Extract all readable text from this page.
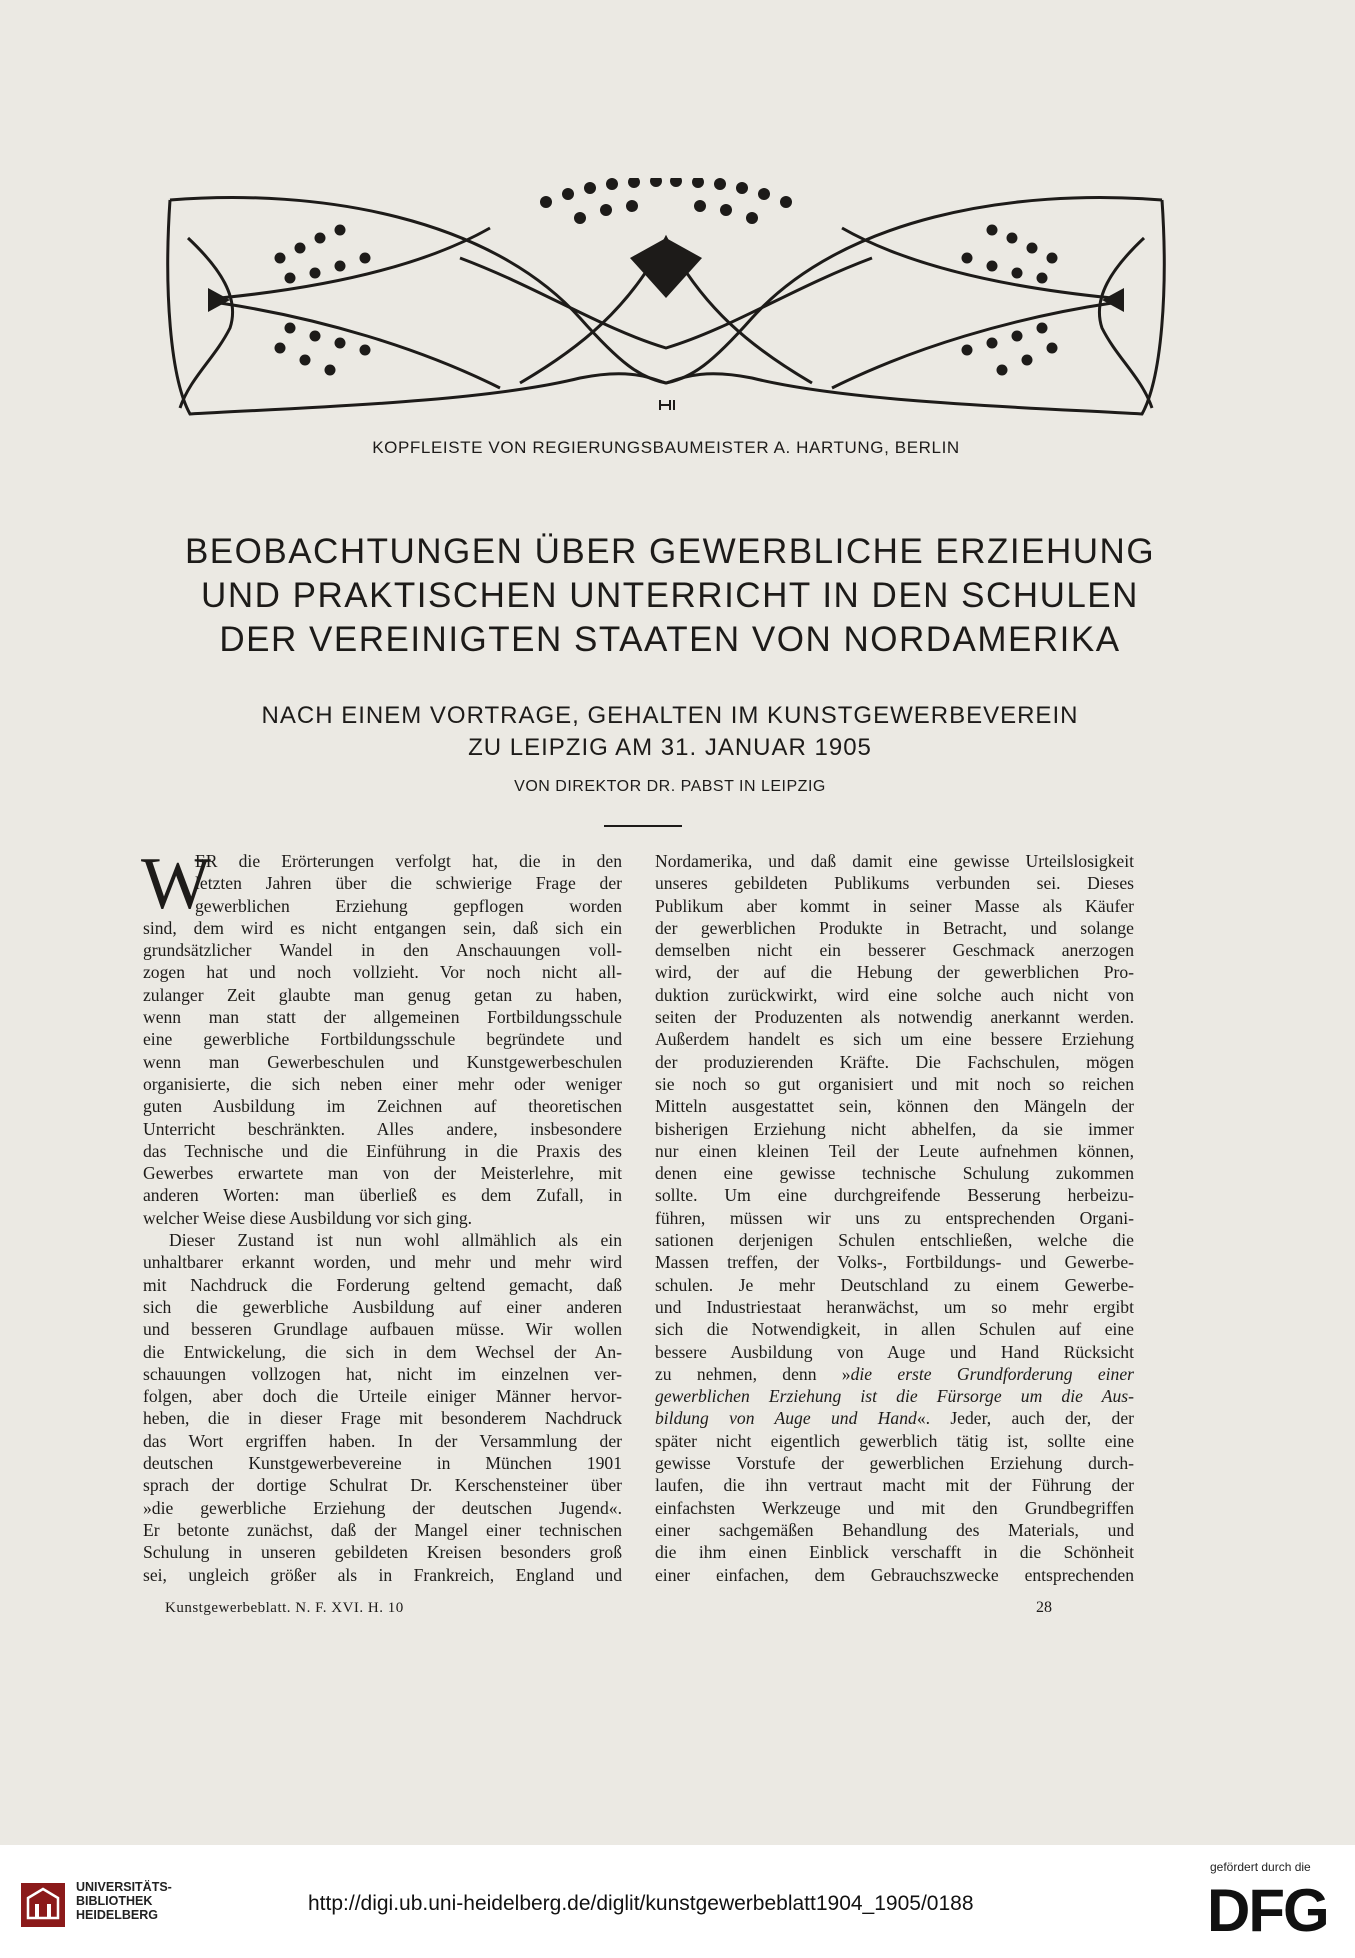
KOPFLEISTE VON REGIERUNGSBAUMEISTER A. HARTUNG, BERLIN
BEOBACHTUNGEN ÜBER GEWERBLICHE ERZIEHUNG
UND PRAKTISCHEN UNTERRICHT IN DEN SCHULEN
DER VEREINIGTEN STAATEN VON NORDAMERIKA
NACH EINEM VORTRAGE, GEHALTEN IM KUNSTGEWERBEVEREIN
ZU LEIPZIG AM 31. JANUAR 1905
VON DIREKTOR DR. PABST IN LEIPZIG
W
ER die Erörterungen verfolgt hat, die in den
letzten Jahren über die schwierige Frage der
gewerblichen Erziehung gepflogen worden
sind, dem wird es nicht entgangen sein, daß sich ein
grundsätzlicher Wandel in den Anschauungen voll-
zogen hat und noch vollzieht. Vor noch nicht all-
zulanger Zeit glaubte man genug getan zu haben,
wenn man statt der allgemeinen Fortbildungsschule
eine gewerbliche Fortbildungsschule begründete und
wenn man Gewerbeschulen und Kunstgewerbeschulen
organisierte, die sich neben einer mehr oder weniger
guten Ausbildung im Zeichnen auf theoretischen
Unterricht beschränkten. Alles andere, insbesondere
das Technische und die Einführung in die Praxis des
Gewerbes erwartete man von der Meisterlehre, mit
anderen Worten: man überließ es dem Zufall, in
welcher Weise diese Ausbildung vor sich ging.
Dieser Zustand ist nun wohl allmählich als ein
unhaltbarer erkannt worden, und mehr und mehr wird
mit Nachdruck die Forderung geltend gemacht, daß
sich die gewerbliche Ausbildung auf einer anderen
und besseren Grundlage aufbauen müsse. Wir wollen
die Entwickelung, die sich in dem Wechsel der An-
schauungen vollzogen hat, nicht im einzelnen ver-
folgen, aber doch die Urteile einiger Männer hervor-
heben, die in dieser Frage mit besonderem Nachdruck
das Wort ergriffen haben. In der Versammlung der
deutschen Kunstgewerbevereine in München 1901
sprach der dortige Schulrat Dr. Kerschensteiner über
»die gewerbliche Erziehung der deutschen Jugend«.
Er betonte zunächst, daß der Mangel einer technischen
Schulung in unseren gebildeten Kreisen besonders groß
sei, ungleich größer als in Frankreich, England und
Nordamerika, und daß damit eine gewisse Urteilslosigkeit
unseres gebildeten Publikums verbunden sei. Dieses
Publikum aber kommt in seiner Masse als Käufer
der gewerblichen Produkte in Betracht, und solange
demselben nicht ein besserer Geschmack anerzogen
wird, der auf die Hebung der gewerblichen Pro-
duktion zurückwirkt, wird eine solche auch nicht von
seiten der Produzenten als notwendig anerkannt werden.
Außerdem handelt es sich um eine bessere Erziehung
der produzierenden Kräfte. Die Fachschulen, mögen
sie noch so gut organisiert und mit noch so reichen
Mitteln ausgestattet sein, können den Mängeln der
bisherigen Erziehung nicht abhelfen, da sie immer
nur einen kleinen Teil der Leute aufnehmen können,
denen eine gewisse technische Schulung zukommen
sollte. Um eine durchgreifende Besserung herbeizu-
führen, müssen wir uns zu entsprechenden Organi-
sationen derjenigen Schulen entschließen, welche die
Massen treffen, der Volks-, Fortbildungs- und Gewerbe-
schulen. Je mehr Deutschland zu einem Gewerbe-
und Industriestaat heranwächst, um so mehr ergibt
sich die Notwendigkeit, in allen Schulen auf eine
bessere Ausbildung von Auge und Hand Rücksicht
zu nehmen, denn »die erste Grundforderung einer
gewerblichen Erziehung ist die Fürsorge um die Aus-
bildung von Auge und Hand«. Jeder, auch der, der
später nicht eigentlich gewerblich tätig ist, sollte eine
gewisse Vorstufe der gewerblichen Erziehung durch-
laufen, die ihn vertraut macht mit der Führung der
einfachsten Werkzeuge und mit den Grundbegriffen
einer sachgemäßen Behandlung des Materials, und
die ihm einen Einblick verschafft in die Schönheit
einer einfachen, dem Gebrauchszwecke entsprechenden
Kunstgewerbeblatt. N. F. XVI. H. 10	28
UNIVERSITÄTS-
BIBLIOTHEK
HEIDELBERG	http://digi.ub.uni-heidelberg.de/diglit/kunstgewerbeblatt1904_1905/0188
gefördert durch die
DFG
